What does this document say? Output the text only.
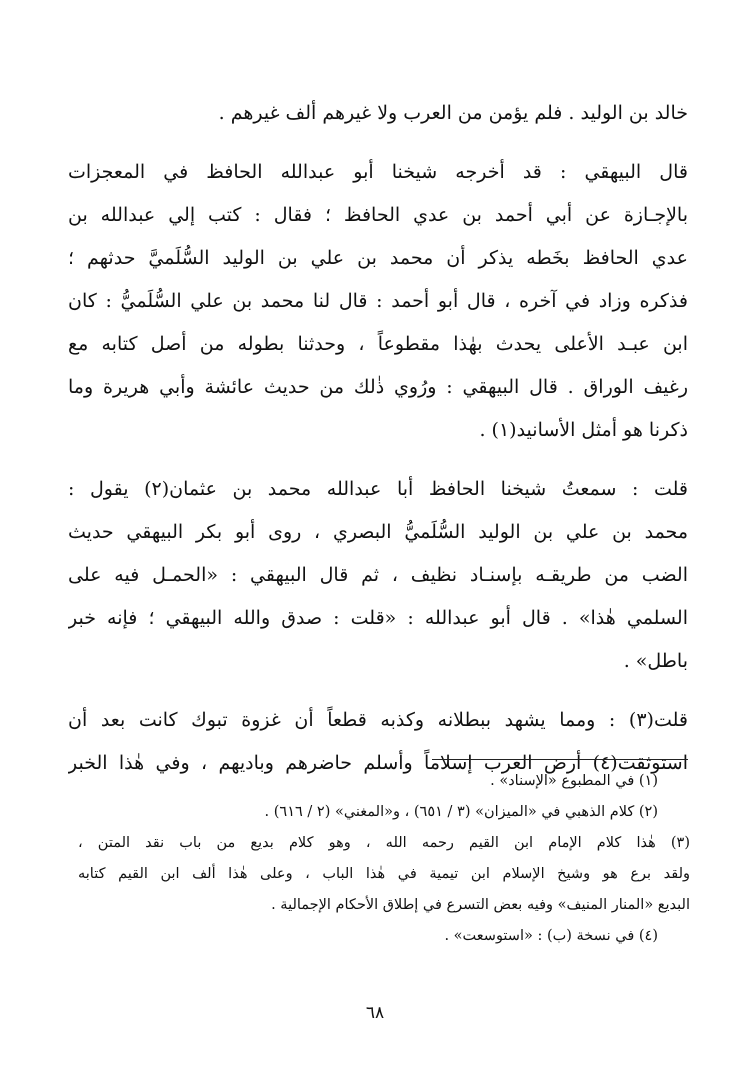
خالد بن الوليد . فلم يؤمن من العرب ولا غيرهم ألف غيرهم .
قال البيهقي : قد أخرجه شيخنا أبو عبدالله الحافظ في المعجزات
بالإجـازة عن أبي أحمد بن عدي الحافظ ؛ فقال : كتب إلي عبدالله بن
عدي الحافظ بخَطه يذكر أن محمد بن علي بن الوليد السُّلَميَّ حدثهم ؛
فذكره وزاد في آخره ، قال أبو أحمد : قال لنا محمد بن علي السُّلَميُّ : كان
ابن عبـد الأعلى يحدث بهٰذا مقطوعاً ، وحدثنا بطوله من أصل كتابه مع
رغيف الوراق . قال البيهقي : ورُوي ذٰلك من حديث عائشة وأبي هريرة وما
ذكرنا هو أمثل الأسانيد(١) .
قلت : سمعتُ شيخنا الحافظ أبا عبدالله محمد بن عثمان(٢) يقول :
محمد بن علي بن الوليد السُّلَميُّ البصري ، روى أبو بكر البيهقي حديث
الضب من طريقـه بإسنـاد نظيف ، ثم قال البيهقي : «الحمـل فيه على
السلمي هٰذا» . قال أبو عبدالله : «قلت : صدق والله البيهقي ؛ فإنه خبر
باطل» .
قلت(٣) : ومما يشهد ببطلانه وكذبه قطعاً أن غزوة تبوك كانت بعد أن
استوثقت(٤) أرض العرب إسلاماً وأسلم حاضرهم وباديهم ، وفي هٰذا الخبر
(١) في المطبوع «الإسناد» .
(٢) كلام الذهبي في «الميزان» (٣ / ٦٥١) ، و«المغني» (٢ / ٦١٦) .
(٣) هٰذا كلام الإمام ابن القيم رحمه الله ، وهو كلام بديع من باب نقد المتن ،
ولقد برع هو وشيخ الإسلام ابن تيمية في هٰذا الباب ، وعلى هٰذا ألف ابن القيم كتابه
البديع «المنار المنيف» وفيه بعض التسرع في إطلاق الأحكام الإجمالية .
(٤) في نسخة (ب) : «استوسعت» .
٦٨
